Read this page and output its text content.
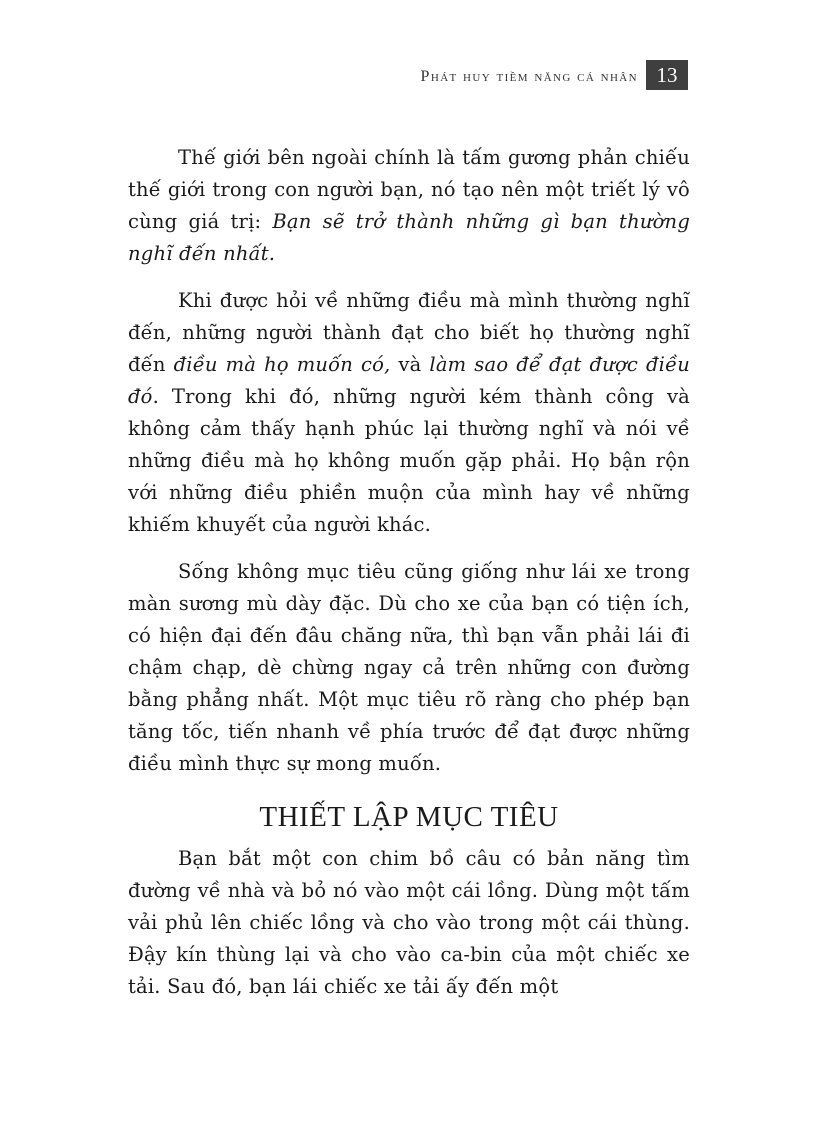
Phát huy tiềm năng cá nhân 13

Thế giới bên ngoài chính là tấm gương phản chiếu thế giới trong con người bạn, nó tạo nên một triết lý vô cùng giá trị: Bạn sẽ trở thành những gì bạn thường nghĩ đến nhất.

Khi được hỏi về những điều mà mình thường nghĩ đến, những người thành đạt cho biết họ thường nghĩ đến điều mà họ muốn có, và làm sao để đạt được điều đó. Trong khi đó, những người kém thành công và không cảm thấy hạnh phúc lại thường nghĩ và nói về những điều mà họ không muốn gặp phải. Họ bận rộn với những điều phiền muộn của mình hay về những khiếm khuyết của người khác.

Sống không mục tiêu cũng giống như lái xe trong màn sương mù dày đặc. Dù cho xe của bạn có tiện ích, có hiện đại đến đâu chăng nữa, thì bạn vẫn phải lái đi chậm chạp, dè chừng ngay cả trên những con đường bằng phẳng nhất. Một mục tiêu rõ ràng cho phép bạn tăng tốc, tiến nhanh về phía trước để đạt được những điều mình thực sự mong muốn.

THIẾT LẬP MỤC TIÊU

Bạn bắt một con chim bồ câu có bản năng tìm đường về nhà và bỏ nó vào một cái lồng. Dùng một tấm vải phủ lên chiếc lồng và cho vào trong một cái thùng. Đậy kín thùng lại và cho vào ca-bin của một chiếc xe tải. Sau đó, bạn lái chiếc xe tải ấy đến một
